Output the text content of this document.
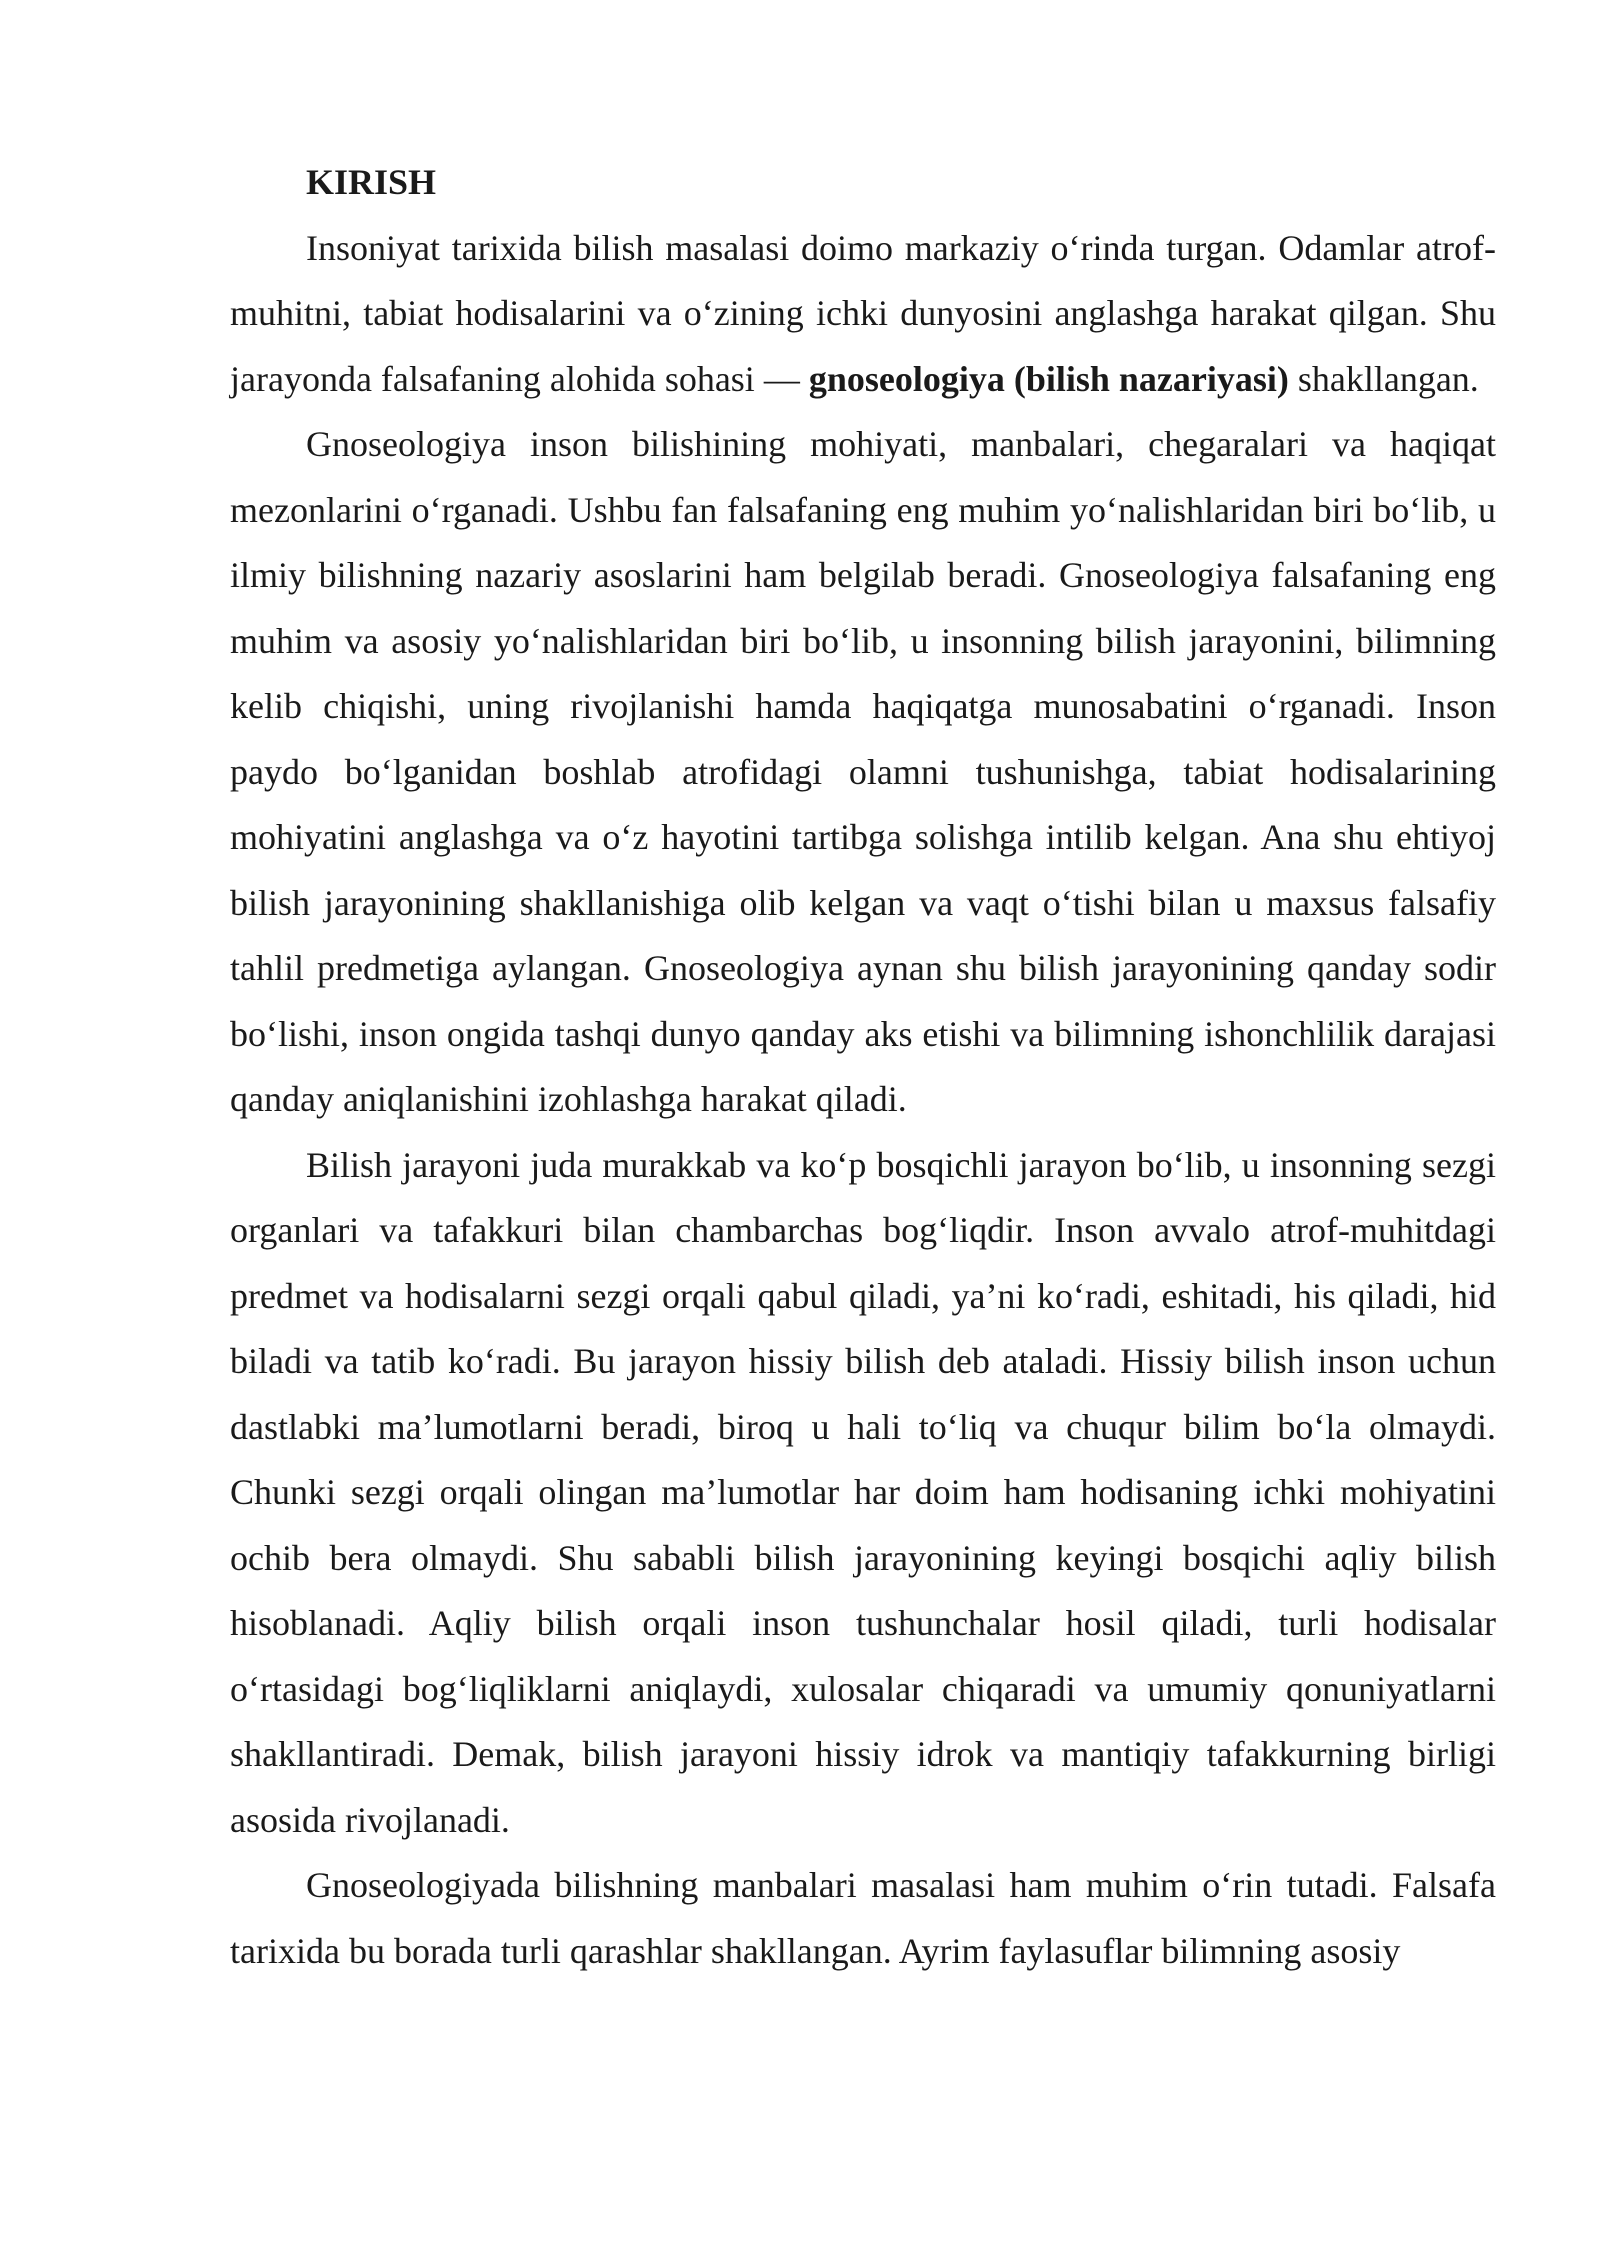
KIRISH

Insoniyat tarixida bilish masalasi doimo markaziy o‘rinda turgan. Odamlar atrof-muhitni, tabiat hodisalarini va o‘zining ichki dunyosini anglashga harakat qilgan. Shu jarayonda falsafaning alohida sohasi — gnoseologiya (bilish nazariyasi) shakllangan.

Gnoseologiya inson bilishining mohiyati, manbalari, chegaralari va haqiqat mezonlarini o‘rganadi. Ushbu fan falsafaning eng muhim yo‘nalishlaridan biri bo‘lib, u ilmiy bilishning nazariy asoslarini ham belgilab beradi. Gnoseologiya falsafaning eng muhim va asosiy yo‘nalishlaridan biri bo‘lib, u insonning bilish jarayonini, bilimning kelib chiqishi, uning rivojlanishi hamda haqiqatga munosabatini o‘rganadi. Inson paydo bo‘lganidan boshlab atrofidagi olamni tushunishga, tabiat hodisalarining mohiyatini anglashga va o‘z hayotini tartibga solishga intilib kelgan. Ana shu ehtiyoj bilish jarayonining shakllanishiga olib kelgan va vaqt o‘tishi bilan u maxsus falsafiy tahlil predmetiga aylangan. Gnoseologiya aynan shu bilish jarayonining qanday sodir bo‘lishi, inson ongida tashqi dunyo qanday aks etishi va bilimning ishonchlilik darajasi qanday aniqlanishini izohlashga harakat qiladi.

Bilish jarayoni juda murakkab va ko‘p bosqichli jarayon bo‘lib, u insonning sezgi organlari va tafakkuri bilan chambarchas bog‘liqdir. Inson avvalo atrof-muhitdagi predmet va hodisalarni sezgi orqali qabul qiladi, ya’ni ko‘radi, eshitadi, his qiladi, hid biladi va tatib ko‘radi. Bu jarayon hissiy bilish deb ataladi. Hissiy bilish inson uchun dastlabki ma’lumotlarni beradi, biroq u hali to‘liq va chuqur bilim bo‘la olmaydi. Chunki sezgi orqali olingan ma’lumotlar har doim ham hodisaning ichki mohiyatini ochib bera olmaydi. Shu sababli bilish jarayonining keyingi bosqichi aqliy bilish hisoblanadi. Aqliy bilish orqali inson tushunchalar hosil qiladi, turli hodisalar o‘rtasidagi bog‘liqliklarni aniqlaydi, xulosalar chiqaradi va umumiy qonuniyatlarni shakllantiradi. Demak, bilish jarayoni hissiy idrok va mantiqiy tafakkurning birligi asosida rivojlanadi.

Gnoseologiyada bilishning manbalari masalasi ham muhim o‘rin tutadi. Falsafa tarixida bu borada turli qarashlar shakllangan. Ayrim faylasuflar bilimning asosiy
